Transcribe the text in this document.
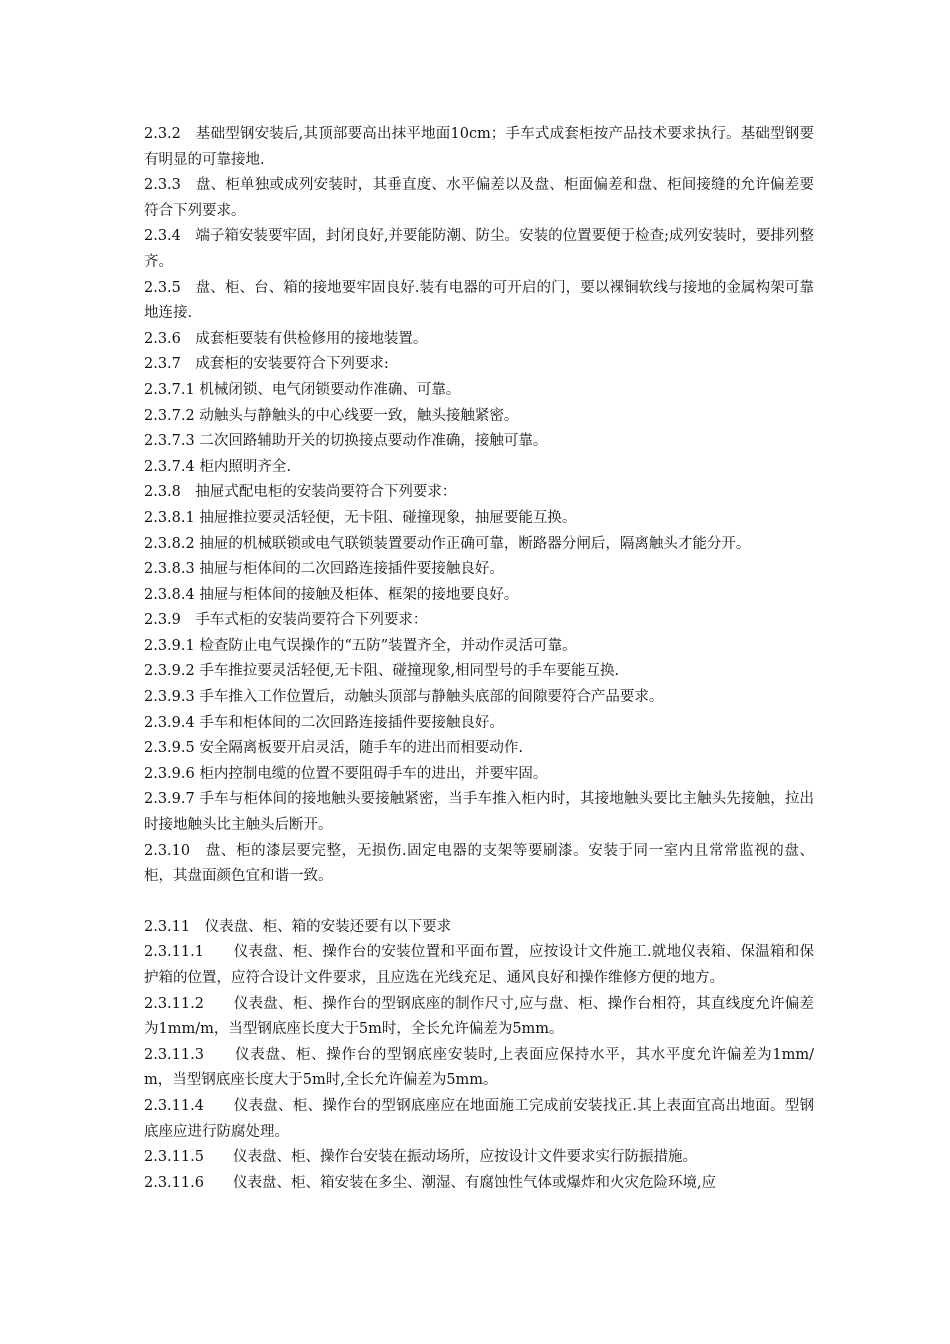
2.3.2　基础型钢安装后,其顶部要高出抹平地面10cm；手车式成套柜按产品技术要求执行。基础型钢要有明显的可靠接地.

2.3.3　盘、柜单独或成列安装时，其垂直度、水平偏差以及盘、柜面偏差和盘、柜间接缝的允许偏差要符合下列要求。

2.3.4　端子箱安装要牢固，封闭良好,并要能防潮、防尘。安装的位置要便于检查;成列安装时，要排列整齐。

2.3.5　盘、柜、台、箱的接地要牢固良好.装有电器的可开启的门，要以裸铜软线与接地的金属构架可靠地连接.

2.3.6　成套柜要装有供检修用的接地装置。

2.3.7　成套柜的安装要符合下列要求:

2.3.7.1 机械闭锁、电气闭锁要动作准确、可靠。

2.3.7.2 动触头与静触头的中心线要一致，触头接触紧密。

2.3.7.3 二次回路辅助开关的切换接点要动作准确，接触可靠。

2.3.7.4 柜内照明齐全.

2.3.8　抽屉式配电柜的安装尚要符合下列要求：

2.3.8.1 抽屉推拉要灵活轻便，无卡阻、碰撞现象，抽屉要能互换。

2.3.8.2 抽屉的机械联锁或电气联锁装置要动作正确可靠，断路器分闸后，隔离触头才能分开。

2.3.8.3 抽屉与柜体间的二次回路连接插件要接触良好。

2.3.8.4 抽屉与柜体间的接触及柜体、框架的接地要良好。

2.3.9　手车式柜的安装尚要符合下列要求：

2.3.9.1 检查防止电气误操作的“五防”装置齐全，并动作灵活可靠。

2.3.9.2 手车推拉要灵活轻便,无卡阻、碰撞现象,相同型号的手车要能互换.

2.3.9.3 手车推入工作位置后，动触头顶部与静触头底部的间隙要符合产品要求。

2.3.9.4 手车和柜体间的二次回路连接插件要接触良好。

2.3.9.5 安全隔离板要开启灵活，随手车的进出而相要动作.

2.3.9.6 柜内控制电缆的位置不要阻碍手车的进出，并要牢固。

2.3.9.7 手车与柜体间的接地触头要接触紧密，当手车推入柜内时，其接地触头要比主触头先接触，拉出时接地触头比主触头后断开。

2.3.10　盘、柜的漆层要完整，无损伤.固定电器的支架等要刷漆。安装于同一室内且常常监视的盘、柜，其盘面颜色宜和谐一致。

2.3.11　仪表盘、柜、箱的安装还要有以下要求

2.3.11.1　　仪表盘、柜、操作台的安装位置和平面布置，应按设计文件施工.就地仪表箱、保温箱和保护箱的位置，应符合设计文件要求，且应选在光线充足、通风良好和操作维修方便的地方。

2.3.11.2　　仪表盘、柜、操作台的型钢底座的制作尺寸,应与盘、柜、操作台相符，其直线度允许偏差为1mm/m，当型钢底座长度大于5m时，全长允许偏差为5mm。

2.3.11.3　　仪表盘、柜、操作台的型钢底座安装时,上表面应保持水平，其水平度允许偏差为1mm/m，当型钢底座长度大于5m时,全长允许偏差为5mm。

2.3.11.4　　仪表盘、柜、操作台的型钢底座应在地面施工完成前安装找正.其上表面宜高出地面。型钢底座应进行防腐处理。

2.3.11.5　　仪表盘、柜、操作台安装在振动场所，应按设计文件要求实行防振措施。

2.3.11.6　　仪表盘、柜、箱安装在多尘、潮湿、有腐蚀性气体或爆炸和火灾危险环境,应
